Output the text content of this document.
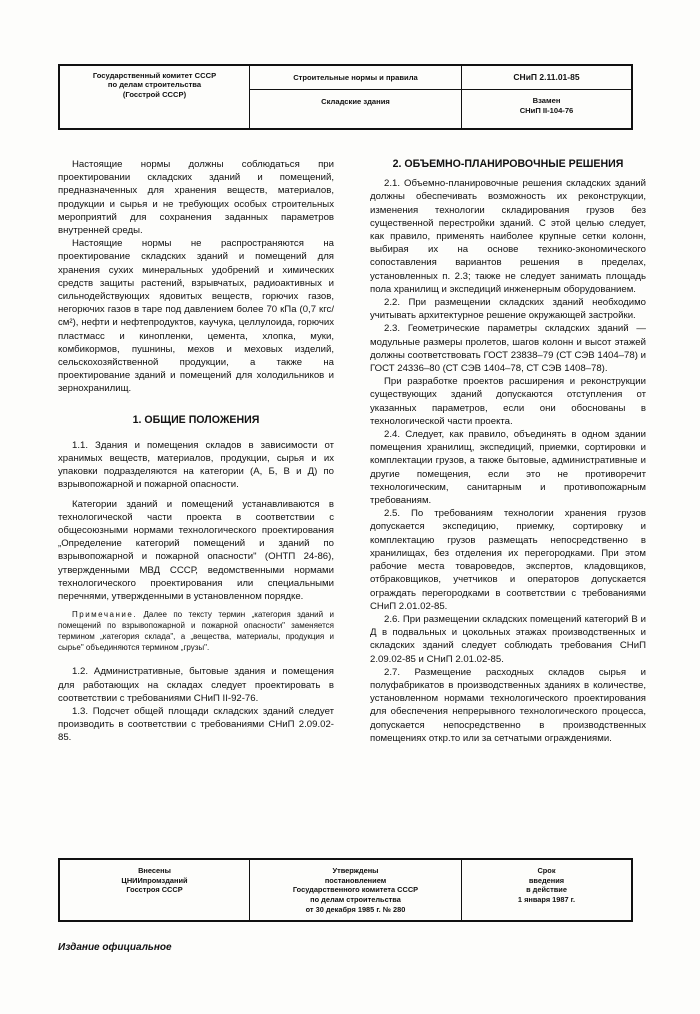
Государственный комитет СССР
по делам строительства
(Госстрой СССР)
Строительные нормы и правила
Складские здания
СНиП 2.11.01-85
Взамен
СНиП II-104-76

Настоящие нормы должны соблюдаться при проектировании складских зданий и помещений, предназначенных для хранения веществ, материалов, продукции и сырья и не требующих особых строительных мероприятий для сохранения заданных параметров внутренней среды.

Настоящие нормы не распространяются на проектирование складских зданий и помещений для хранения сухих минеральных удобрений и химических средств защиты растений, взрывчатых, радиоактивных и сильнодействующих ядовитых веществ, горючих газов, негорючих газов в таре под давлением более 70 кПа (0,7 кгс/см²), нефти и нефтепродуктов, каучука, целлулоида, горючих пластмасс и кинопленки, цемента, хлопка, муки, комбикормов, пушнины, мехов и меховых изделий, сельскохозяйственной продукции, а также на проектирование зданий и помещений для холодильников и зернохранилищ.

1. ОБЩИЕ ПОЛОЖЕНИЯ

1.1. Здания и помещения складов в зависимости от хранимых веществ, материалов, продукции, сырья и их упаковки подразделяются на категории (А, Б, В и Д) по взрывопожарной и пожарной опасности.

Категории зданий и помещений устанавливаются в технологической части проекта в соответствии с общесоюзными нормами технологического проектирования „Определение категорий помещений и зданий по взрывопожарной и пожарной опасности" (ОНТП 24-86), утвержденными МВД СССР, ведомственными нормами технологического проектирования или специальными перечнями, утвержденными в установленном порядке.

Примечание. Далее по тексту термин „категория зданий и помещений по взрывопожарной и пожарной опасности" заменяется термином „категория склада", а „вещества, материалы, продукция и сырье" объединяются термином „грузы".

1.2. Административные, бытовые здания и помещения для работающих на складах следует проектировать в соответствии с требованиями СНиП II-92-76.

1.3. Подсчет общей площади складских зданий следует производить в соответствии с требованиями СНиП 2.09.02-85.

2. ОБЪЕМНО-ПЛАНИРОВОЧНЫЕ РЕШЕНИЯ

2.1. Объемно-планировочные решения складских зданий должны обеспечивать возможность их реконструкции, изменения технологии складирования грузов без существенной перестройки зданий. С этой целью следует, как правило, применять наиболее крупные сетки колонн, выбирая их на основе технико-экономического сопоставления вариантов решения в пределах, установленных п. 2.3; также не следует занимать площадь пола хранилищ и экспедиций инженерным оборудованием.

2.2. При размещении складских зданий необходимо учитывать архитектурное решение окружающей застройки.

2.3. Геометрические параметры складских зданий — модульные размеры пролетов, шагов колонн и высот этажей должны соответствовать ГОСТ 23838–79 (СТ СЭВ 1404–78) и ГОСТ 24336–80 (СТ СЭВ 1404–78, СТ СЭВ 1408–78).

При разработке проектов расширения и реконструкции существующих зданий допускаются отступления от указанных параметров, если они обоснованы в технологической части проекта.

2.4. Следует, как правило, объединять в одном здании помещения хранилищ, экспедиций, приемки, сортировки и комплектации грузов, а также бытовые, административные и другие помещения, если это не противоречит технологическим, санитарным и противопожарным требованиям.

2.5. По требованиям технологии хранения грузов допускается экспедицию, приемку, сортировку и комплектацию грузов размещать непосредственно в хранилищах, без отделения их перегородками. При этом рабочие места товароведов, экспертов, кладовщиков, отбраковщиков, учетчиков и операторов допускается ограждать перегородками в соответствии с требованиями СНиП 2.01.02-85.

2.6. При размещении складских помещений категорий В и Д в подвальных и цокольных этажах производственных и складских зданий следует соблюдать требования СНиП 2.09.02-85 и СНиП 2.01.02-85.

2.7. Размещение расходных складов сырья и полуфабрикатов в производственных зданиях в количестве, установленном нормами технологического проектирования для обеспечения непрерывного технологического процесса, допускается непосредственно в производственных помещениях откр.то или за сетчатыми ограждениями.

Внесены
ЦНИИпромзданий
Госстроя СССР
Утверждены
постановлением
Государственного комитета СССР
по делам строительства
от 30 декабря 1985 г. № 280
Срок
введения
в действие
1 января 1987 г.
Издание официальное
